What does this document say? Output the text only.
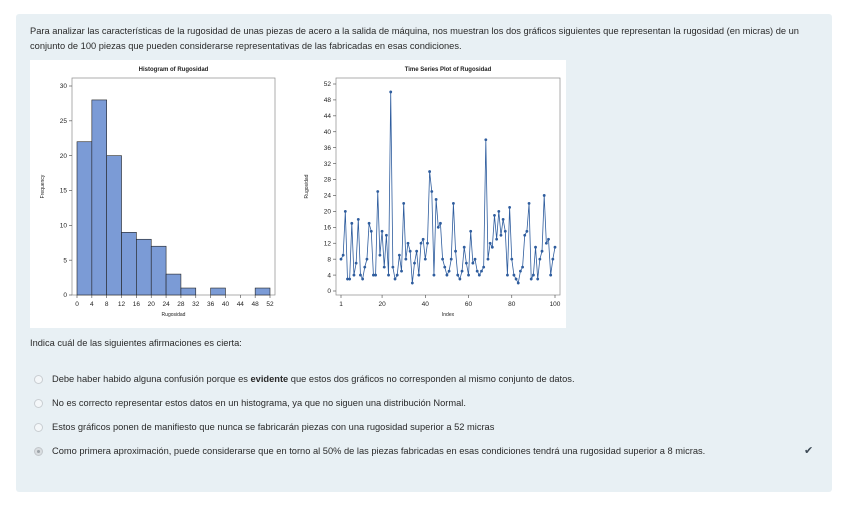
Para analizar las características de la rugosidad de unas piezas de acero a la salida de máquina, nos muestran los dos gráficos siguientes que representan la rugosidad (en micras) de un conjunto de 100 piezas que pueden considerarse representativas de las fabricadas en esas condiciones.
Histogram of Rugosidad
0
5
10
15
20
25
30
0 4 8 12 16 20 24 28 32 36 40 44 48 52
Rugosidad
Frequency
Time Series Plot of Rugosidad
0
4
8
12
16
20
24
28
32
36
40
44
48
52
1	20	40	60	80	100
Index
Rugosidad
Indica cuál de las siguientes afirmaciones es cierta:
Debe haber habido alguna confusión porque es evidente que estos dos gráficos no corresponden al mismo conjunto de datos.
No es correcto representar estos datos en un histograma, ya que no siguen una distribución Normal.
Estos gráficos ponen de manifiesto que nunca se fabricarán piezas con una rugosidad superior a 52 micras
Como primera aproximación, puede considerarse que en torno al 50% de las piezas fabricadas en esas condiciones tendrá una rugosidad superior a 8 micras.	✔
